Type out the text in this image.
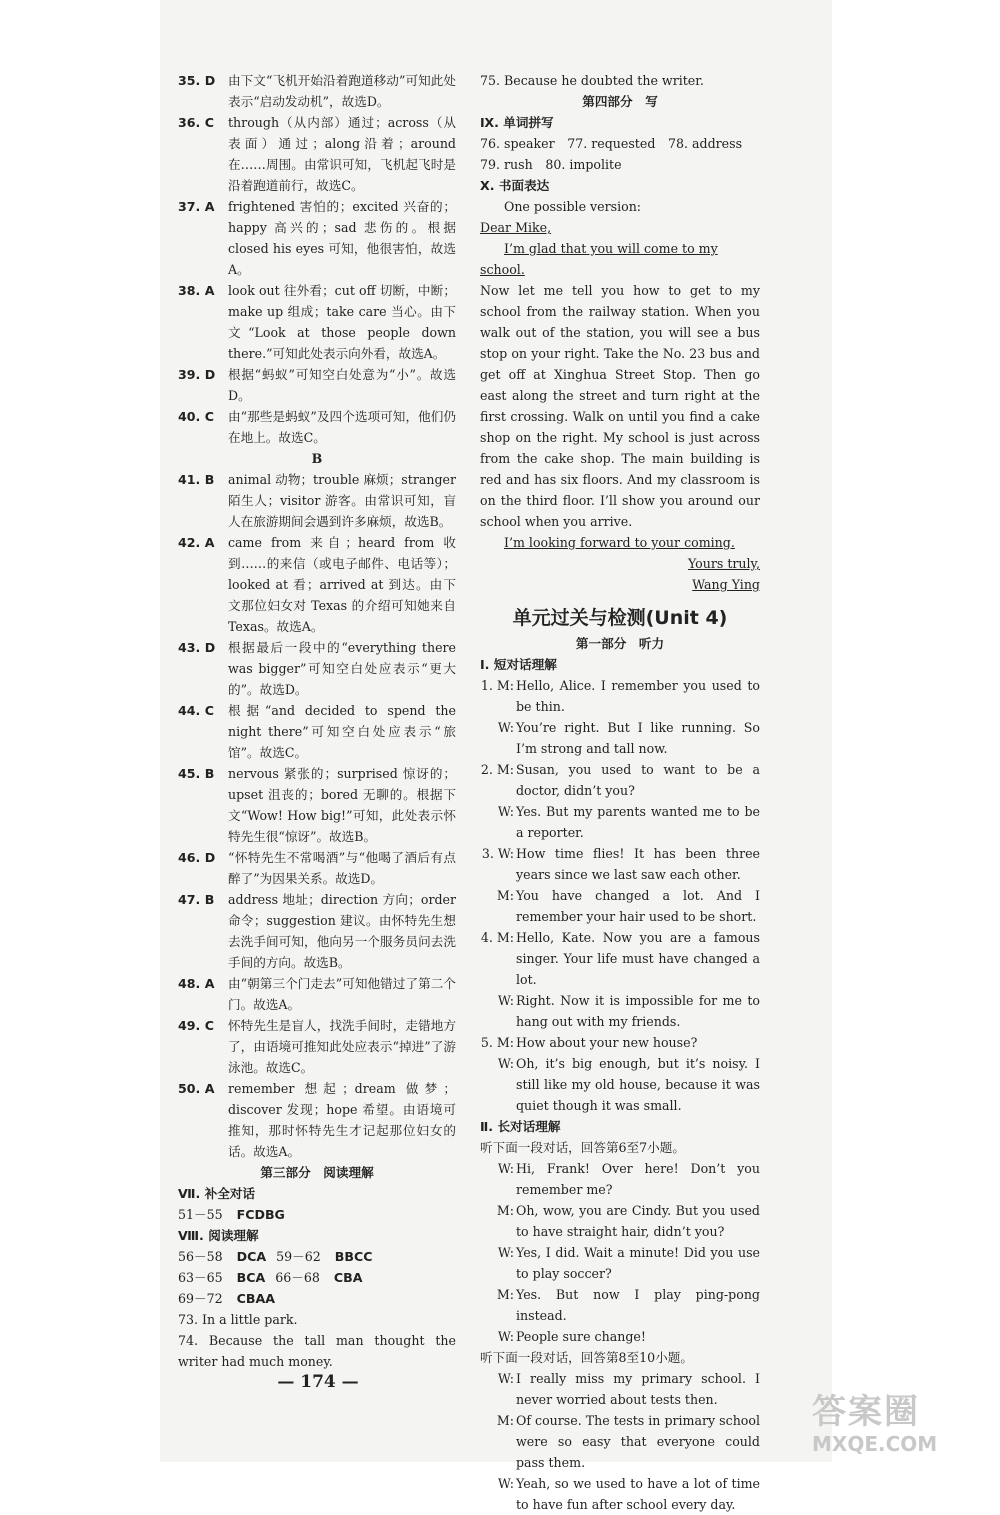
35. D	由下文“飞机开始沿着跑道移动”可知此处表示“启动发动机”，故选D。
36. C	through（从内部）通过；across（从表面）通过；along沿着；around 在……周围。由常识可知，飞机起飞时是沿着跑道前行，故选C。
37. A	frightened 害怕的；excited 兴奋的；happy 高兴的；sad 悲伤的。根据 closed his eyes 可知，他很害怕，故选A。
38. A	look out 往外看；cut off 切断，中断；make up 组成；take care 当心。由下文“Look at those people down there.”可知此处表示向外看，故选A。
39. D	根据“蚂蚁”可知空白处意为“小”。故选D。
40. C	由“那些是蚂蚁”及四个选项可知，他们仍在地上。故选C。
B
41. B	animal 动物；trouble 麻烦；stranger 陌生人；visitor 游客。由常识可知，盲人在旅游期间会遇到许多麻烦，故选B。
42. A	came from 来自；heard from 收到……的来信（或电子邮件、电话等）；looked at 看；arrived at 到达。由下文那位妇女对 Texas 的介绍可知她来自 Texas。故选A。
43. D	根据最后一段中的“everything there was bigger”可知空白处应表示“更大的”。故选D。
44. C	根据“and decided to spend the night there”可知空白处应表示“旅馆”。故选C。
45. B	nervous 紧张的；surprised 惊讶的；upset 沮丧的；bored 无聊的。根据下文“Wow! How big!”可知，此处表示怀特先生很“惊讶”。故选B。
46. D	“怀特先生不常喝酒”与“他喝了酒后有点醉了”为因果关系。故选D。
47. B	address 地址；direction 方向；order 命令；suggestion 建议。由怀特先生想去洗手间可知，他向另一个服务员问去洗手间的方向。故选B。
48. A	由“朝第三个门走去”可知他错过了第二个门。故选A。
49. C	怀特先生是盲人，找洗手间时，走错地方了，由语境可推知此处应表示“掉进”了游泳池。故选C。
50. A	remember 想起；dream 做梦；discover 发现；hope 希望。由语境可推知，那时怀特先生才记起那位妇女的话。故选A。
第三部分　阅读理解
Ⅶ. 补全对话
51－55 FCDBG
Ⅷ. 阅读理解
56－58 DCA 59－62 BBCC
63－65 BCA 66－68 CBA
69－72 CBAA
73. In a little park.
74. Because the tall man thought the writer had much money.
75. Because he doubted the writer.
第四部分　写
Ⅸ. 单词拼写
76. speaker　77. requested　78. address
79. rush　80. impolite
Ⅹ. 书面表达
One possible version:
Dear Mike,
I’m glad that you will come to my school.
Now let me tell you how to get to my school from the railway station. When you walk out of the station, you will see a bus stop on your right. Take the No. 23 bus and get off at Xinghua Street Stop. Then go east along the street and turn right at the first crossing. Walk on until you find a cake shop on the right. My school is just across from the cake shop. The main building is red and has six floors. And my classroom is on the third floor. I’ll show you around our school when you arrive.
I’m looking forward to your coming.
Yours truly,
Wang Ying
单元过关与检测(Unit 4)
第一部分　听力
Ⅰ. 短对话理解
1. M: Hello, Alice. I remember you used to be thin.
W: You’re right. But I like running. So I’m strong and tall now.
2. M: Susan, you used to want to be a doctor, didn’t you?
W: Yes. But my parents wanted me to be a reporter.
3. W: How time flies! It has been three years since we last saw each other.
M: You have changed a lot. And I remember your hair used to be short.
4. M: Hello, Kate. Now you are a famous singer. Your life must have changed a lot.
W: Right. Now it is impossible for me to hang out with my friends.
5. M: How about your new house?
W: Oh, it’s big enough, but it’s noisy. I still like my old house, because it was quiet though it was small.
Ⅱ. 长对话理解
听下面一段对话，回答第6至7小题。
W: Hi, Frank! Over here! Don’t you remember me?
M: Oh, wow, you are Cindy. But you used to have straight hair, didn’t you?
W: Yes, I did. Wait a minute! Did you use to play soccer?
M: Yes. But now I play ping-pong instead.
W: People sure change!
听下面一段对话，回答第8至10小题。
W: I really miss my primary school. I never worried about tests then.
M: Of course. The tests in primary school were so easy that everyone could pass them.
W: Yeah, so we used to have a lot of time to have fun after school every day.
— 174 —
答案圈
MXQE.COM
